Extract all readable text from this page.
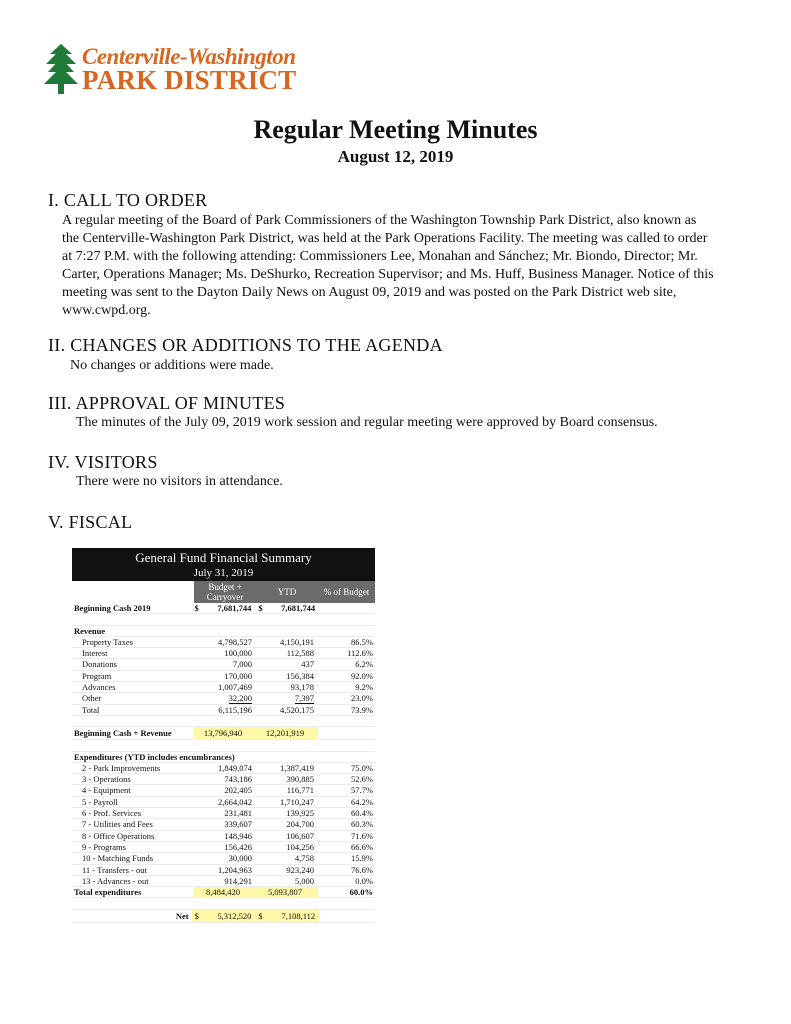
Centerville-Washington
PARK DISTRICT
Regular Meeting Minutes
August 12, 2019
I. CALL TO ORDER
A regular meeting of the Board of Park Commissioners of the Washington Township Park District, also known as
the Centerville-Washington Park District, was held at the Park Operations Facility. The meeting was called to order
at 7:27 P.M. with the following attending: Commissioners Lee, Monahan and Sánchez; Mr. Biondo, Director; Mr.
Carter, Operations Manager; Ms. DeShurko, Recreation Supervisor; and Ms. Huff, Business Manager. Notice of this
meeting was sent to the Dayton Daily News on August 09, 2019 and was posted on the Park District web site,
www.cwpd.org.
II. CHANGES OR ADDITIONS TO THE AGENDA
No changes or additions were made.
III. APPROVAL OF MINUTES
The minutes of the July 09, 2019 work session and regular meeting were approved by Board consensus.
IV. VISITORS
There were no visitors in attendance.
V. FISCAL
General Fund Financial Summary
July 31, 2019
Budget + Carryover	YTD	% of Budget
Beginning Cash 2019	$ 7,681,744 $ 7,681,744
Revenue
Property Taxes	4,798,527	4,150,191	86.5%
Interest	100,000	112,588	112.6%
Donations	7,000	437	6.2%
Program	170,000	156,384	92.0%
Advances	1,007,469	93,178	9.2%
Other	32,200	7,397	23.0%
Total	6,115,196	4,520,175	73.9%
Beginning Cash + Revenue	13,796,940	12,201,919
Expenditures (YTD includes encumbrances)
2 - Park Improvements	1,849,074	1,387,419	75.0%
3 - Operations	743,186	390,885	52.6%
4 - Equipment	202,405	116,771	57.7%
5 - Payroll	2,664,042	1,710,247	64.2%
6 - Prof. Services	231,481	139,925	60.4%
7 - Utilities and Fees	339,607	204,700	60.3%
8 - Office Operations	148,946	106,607	71.6%
9 - Programs	156,426	104,256	66.6%
10 - Matching Funds	30,000	4,758	15.9%
11 - Transfers - out	1,204,963	923,240	76.6%
13 - Advances - out	914,291	5,000	0.0%
Total expenditures	8,484,420	5,093,807	60.0%
Net $ 5,312,520 $ 7,108,112
